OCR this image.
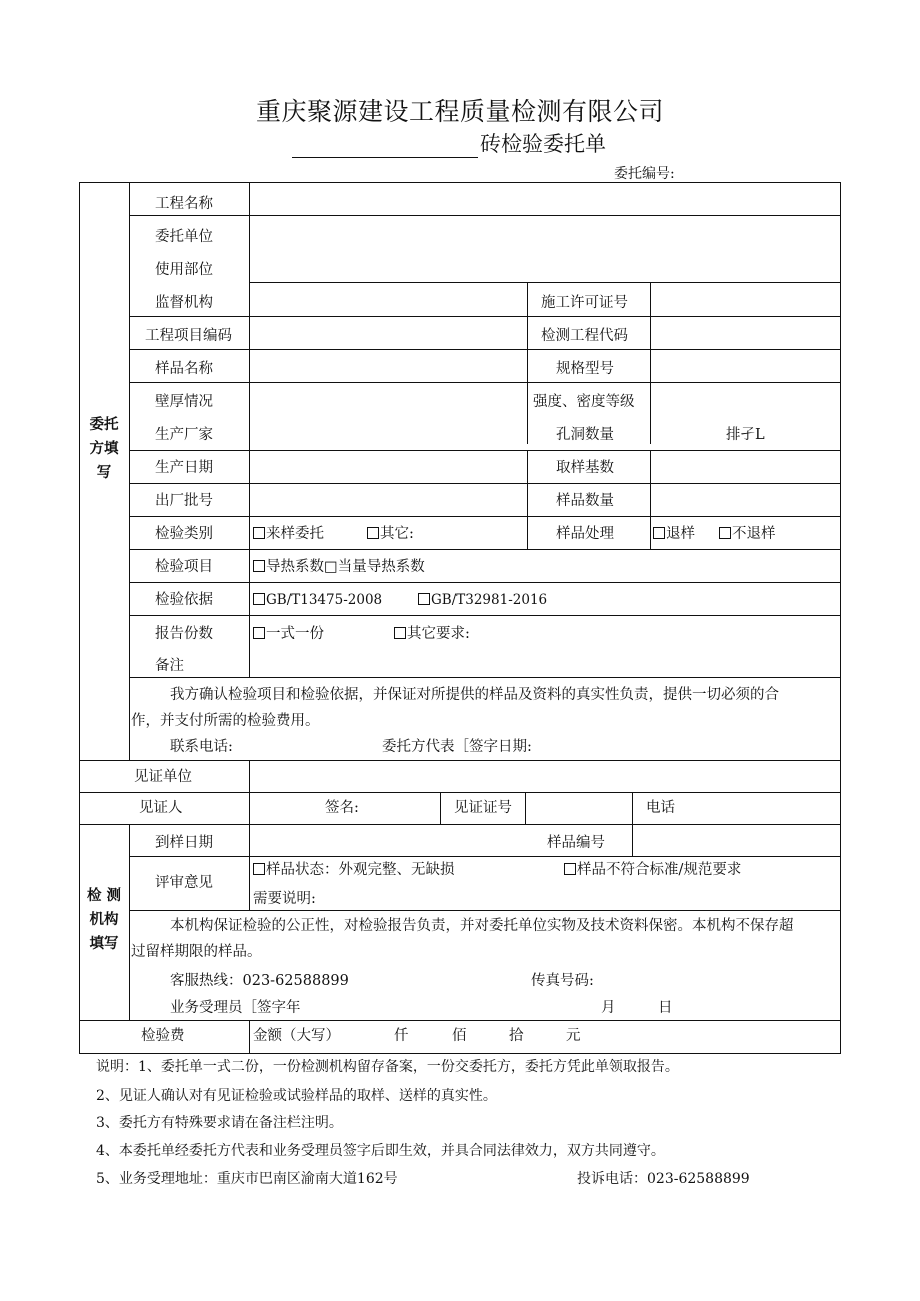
重庆聚源建设工程质量检测有限公司
砖检验委托单
委托编号:
委托
方填
写
工程名称
委托单位
使用部位
监督机构	施工许可证号
工程项目编码	检测工程代码
样品名称	规格型号
壁厚情况	强度、密度等级
生产厂家	孔洞数量	排孑L
生产日期	取样基数
出厂批号	样品数量
检验类别	来样委托	其它:	样品处理	退样	不退样
检验项目	导热系数□当量导热系数
检验依据	GB/T13475-2008	GB/T32981-2016
报告份数	一式一份	其它要求:
备注
我方确认检验项目和检验依据，并保证对所提供的样品及资料的真实性负责，提供一切必须的合
作，并支付所需的检验费用。
联系电话:	委托方代表［签字日期:
见证单位
见证人	签名:	见证证号	电话
检 测
机构
填写
到样日期	样品编号
评审意见
样品状态：外观完整、无缺损	样品不符合标准/规范要求
需要说明:
本机构保证检验的公正性，对检验报告负责，并对委托单位实物及技术资料保密。本机构不保存超
过留样期限的样品。
客服热线：023-62588899	传真号码:
业务受理员［签字年	月	日
检验费	金额（大写）	仟	佰	拾	元
说明：1、委托单一式二份，一份检测机构留存备案，一份交委托方，委托方凭此单领取报告。
2、见证人确认对有见证检验或试验样品的取样、送样的真实性。
3、委托方有特殊要求请在备注栏注明。
4、本委托单经委托方代表和业务受理员签字后即生效，并具合同法律效力，双方共同遵守。
5、业务受理地址：重庆市巴南区渝南大道162号	投诉电话：023-62588899
